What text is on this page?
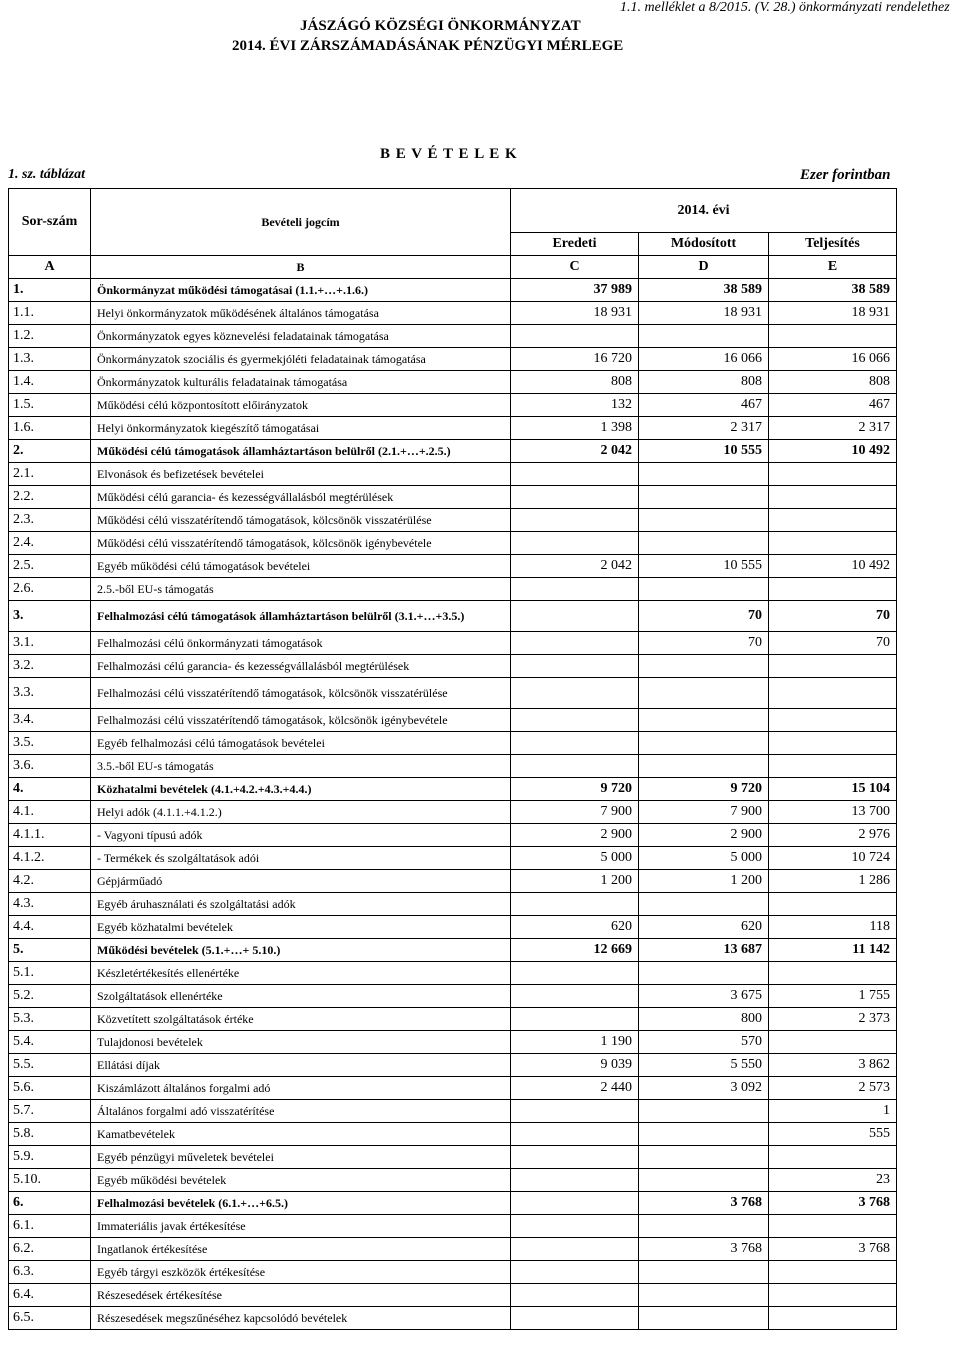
1.1. melléklet a 8/2015. (V. 28.) önkormányzati rendelethez
JÁSZÁGÓ KÖZSÉGI ÖNKORMÁNYZAT
2014. ÉVI ZÁRSZÁMADÁSÁNAK PÉNZÜGYI MÉRLEGE
B E V É T E L E K
1. sz. táblázat	Ezer forintban
Sor-szám	Bevételi jogcím	2014. évi		
		Eredeti	Módosított	Teljesítés
A	B	C	D	E
1.	Önkormányzat működési támogatásai (1.1.+…+.1.6.)	37 989	38 589	38 589
1.1.	Helyi önkormányzatok működésének általános támogatása	18 931	18 931	18 931
1.2.	Önkormányzatok egyes köznevelési feladatainak támogatása			
1.3.	Önkormányzatok szociális és gyermekjóléti feladatainak támogatása	16 720	16 066	16 066
1.4.	Önkormányzatok kulturális feladatainak támogatása	808	808	808
1.5.	Működési célú központosított előirányzatok	132	467	467
1.6.	Helyi önkormányzatok kiegészítő támogatásai	1 398	2 317	2 317
2.	Működési célú támogatások államháztartáson belülről (2.1.+…+.2.5.)	2 042	10 555	10 492
2.1.	Elvonások és befizetések bevételei			
2.2.	Működési célú garancia- és kezességvállalásból megtérülések			
2.3.	Működési célú visszatérítendő támogatások, kölcsönök visszatérülése			
2.4.	Működési célú visszatérítendő támogatások, kölcsönök igénybevétele			
2.5.	Egyéb működési célú támogatások bevételei	2 042	10 555	10 492
2.6.	2.5.-ből EU-s támogatás			
3.	Felhalmozási célú támogatások államháztartáson belülről (3.1.+…+3.5.)		70	70
3.1.	Felhalmozási célú önkormányzati támogatások		70	70
3.2.	Felhalmozási célú garancia- és kezességvállalásból megtérülések			
3.3.	Felhalmozási célú visszatérítendő támogatások, kölcsönök visszatérülése			
3.4.	Felhalmozási célú visszatérítendő támogatások, kölcsönök igénybevétele			
3.5.	Egyéb felhalmozási célú támogatások bevételei			
3.6.	3.5.-ből EU-s támogatás			
4.	Közhatalmi bevételek (4.1.+4.2.+4.3.+4.4.)	9 720	9 720	15 104
4.1.	Helyi adók (4.1.1.+4.1.2.)	7 900	7 900	13 700
4.1.1.	- Vagyoni típusú adók	2 900	2 900	2 976
4.1.2.	- Termékek és szolgáltatások adói	5 000	5 000	10 724
4.2.	Gépjárműadó	1 200	1 200	1 286
4.3.	Egyéb áruhasználati és szolgáltatási adók			
4.4.	Egyéb közhatalmi bevételek	620	620	118
5.	Működési bevételek (5.1.+…+ 5.10.)	12 669	13 687	11 142
5.1.	Készletértékesítés ellenértéke			
5.2.	Szolgáltatások ellenértéke		3 675	1 755
5.3.	Közvetített szolgáltatások értéke		800	2 373
5.4.	Tulajdonosi bevételek	1 190	570	
5.5.	Ellátási díjak	9 039	5 550	3 862
5.6.	Kiszámlázott általános forgalmi adó	2 440	3 092	2 573
5.7.	Általános forgalmi adó visszatérítése			1
5.8.	Kamatbevételek			555
5.9.	Egyéb pénzügyi műveletek bevételei			
5.10.	Egyéb működési bevételek			23
6.	Felhalmozási bevételek (6.1.+…+6.5.)		3 768	3 768
6.1.	Immateriális javak értékesítése			
6.2.	Ingatlanok értékesítése		3 768	3 768
6.3.	Egyéb tárgyi eszközök értékesítése			
6.4.	Részesedések értékesítése			
6.5.	Részesedések megszűnéséhez kapcsolódó bevételek			
